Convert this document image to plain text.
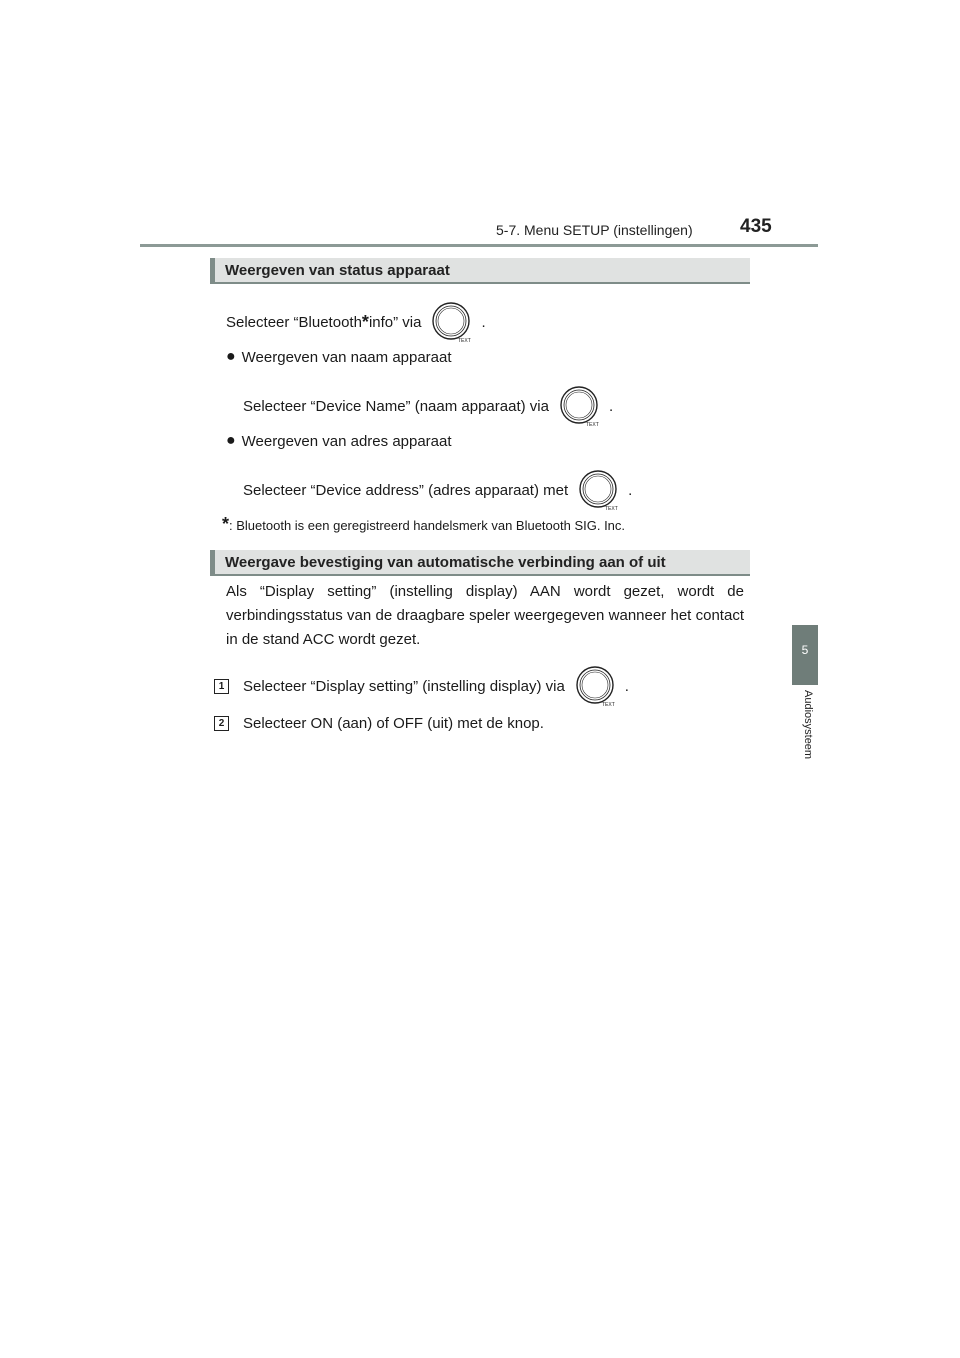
5-7. Menu SETUP (instellingen) 435
5
Audiosysteem
Weergeven van status apparaat
Selecteer “Bluetooth * info” via
TEXT
.
● Weergeven van naam apparaat
Selecteer “Device Name” (naam apparaat) via
TEXT
.
● Weergeven van adres apparaat
Selecteer “Device address” (adres apparaat) met
TEXT
.
*: Bluetooth is een geregistreerd handelsmerk van Bluetooth SIG. Inc.
Weergave bevestiging van automatische verbinding aan of uit
Als “Display setting” (instelling display) AAN wordt gezet, wordt de verbindingsstatus van de draagbare speler weergegeven wanneer het contact in de stand ACC wordt gezet.
1	Selecteer “Display setting” (instelling display) via
TEXT
.
2	Selecteer ON (aan) of OFF (uit) met de knop.
